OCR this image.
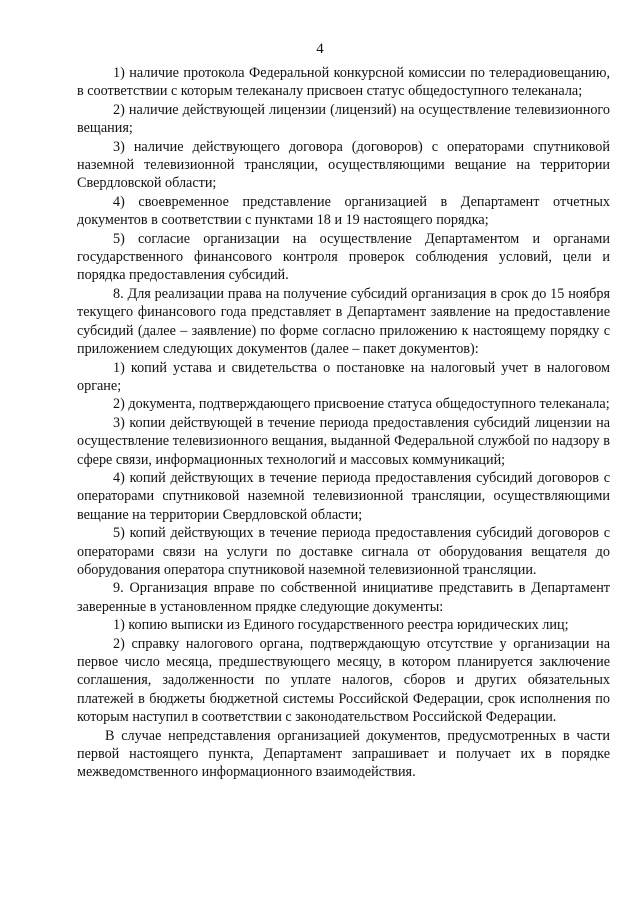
4

1) наличие протокола Федеральной конкурсной комиссии по телерадиовещанию, в соответствии с которым телеканалу присвоен статус общедоступного телеканала;

2) наличие действующей лицензии (лицензий) на осуществление телевизионного вещания;

3) наличие действующего договора (договоров) с операторами спутниковой наземной телевизионной трансляции, осуществляющими вещание на территории Свердловской области;

4) своевременное представление организацией в Департамент отчетных документов в соответствии с пунктами 18 и 19 настоящего порядка;

5) согласие организации на осуществление Департаментом и органами государственного финансового контроля проверок соблюдения условий, цели и порядка предоставления субсидий.

8. Для реализации права на получение субсидий организация в срок до 15 ноября текущего финансового года представляет в Департамент заявление на предоставление субсидий (далее – заявление) по форме согласно приложению к настоящему порядку с приложением следующих документов (далее – пакет документов):

1) копий устава и свидетельства о постановке на налоговый учет в налоговом органе;

2) документа, подтверждающего присвоение статуса общедоступного телеканала;

3) копии действующей в течение периода предоставления субсидий лицензии на осуществление телевизионного вещания, выданной Федеральной службой по надзору в сфере связи, информационных технологий и массовых коммуникаций;

4) копий действующих в течение периода предоставления субсидий договоров с операторами спутниковой наземной телевизионной трансляции, осуществляющими вещание на территории Свердловской области;

5) копий действующих в течение периода предоставления субсидий договоров с операторами связи на услуги по доставке сигнала от оборудования вещателя до оборудования оператора спутниковой наземной телевизионной трансляции.

9. Организация вправе по собственной инициативе представить в Департамент заверенные в установленном прядке следующие документы:

1) копию выписки из Единого государственного реестра юридических лиц;

2) справку налогового органа, подтверждающую отсутствие у организации на первое число месяца, предшествующего месяцу, в котором планируется заключение соглашения, задолженности по уплате налогов, сборов и других обязательных платежей в бюджеты бюджетной системы Российской Федерации, срок исполнения по которым наступил в соответствии с законодательством Российской Федерации.

В случае непредставления организацией документов, предусмотренных в части первой настоящего пункта, Департамент запрашивает и получает их в порядке межведомственного информационного взаимодействия.
